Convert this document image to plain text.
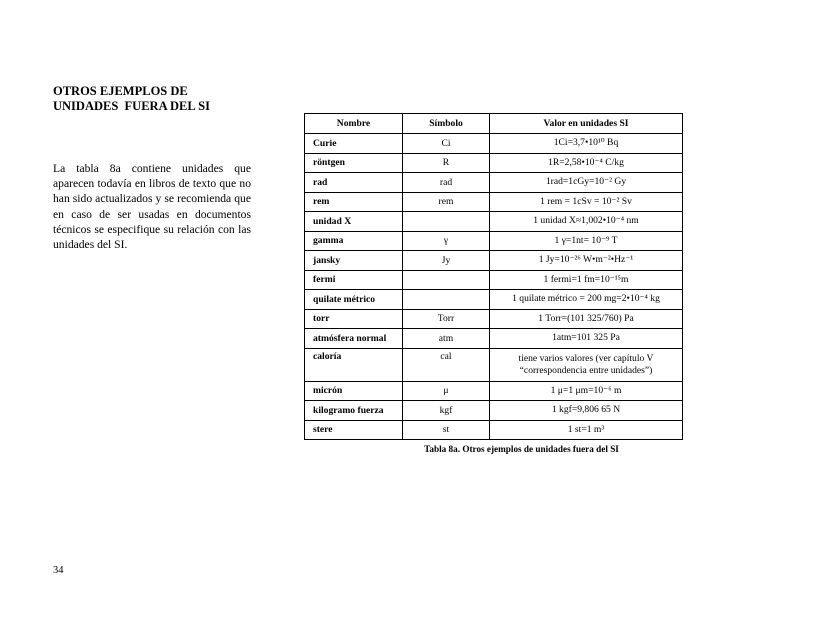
OTROS EJEMPLOS DE
UNIDADES  FUERA DEL SI

La tabla 8a contiene unidades que aparecen todavía en libros de texto que no han sido actualizados y se recomienda que en caso de ser usadas en documentos técnicos se especifique su relación con las unidades del SI.

Nombre	Símbolo	Valor en unidades SI
Curie	Ci	1Ci=3,7•10¹⁰ Bq
röntgen	R	1R=2,58•10⁻⁴ C/kg
rad	rad	1rad=1cGy=10⁻² Gy
rem	rem	1 rem = 1cSv = 10⁻² Sv
unidad X		1 unidad X≈1,002•10⁻⁴ nm
gamma	γ	1 γ=1nt= 10⁻⁹ T
jansky	Jy	1 Jy=10⁻²⁶ W•m⁻²•Hz⁻¹
fermi		1 fermi=1 fm=10⁻¹⁵m
quilate métrico		1 quilate métrico = 200 mg=2•10⁻⁴ kg
torr	Torr	1 Torr=(101 325/760) Pa
atmósfera normal	atm	1atm=101 325 Pa
caloría	cal	tiene varios valores (ver capítulo V “correspondencia entre unidades”)
micrón	μ	1 μ=1 μm=10⁻⁶ m
kilogramo fuerza	kgf	1 kgf=9,806 65 N
stere	st	1 st=1 m³

Tabla 8a. Otros ejemplos de unidades fuera del SI

34
